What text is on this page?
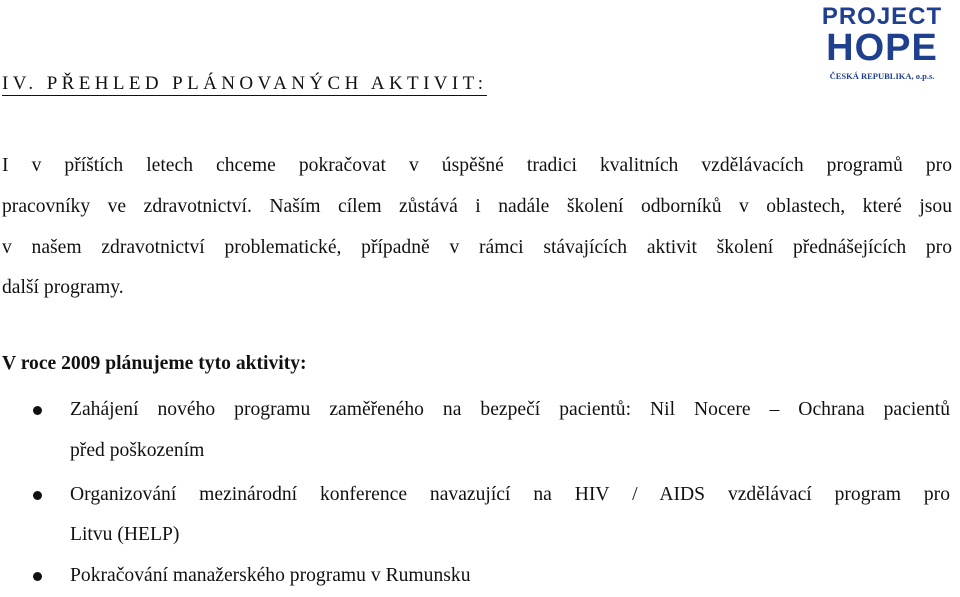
PROJECT
HOPE
ČESKÁ REPUBLIKA, o.p.s.
IV. PŘEHLED PLÁNOVANÝCH AKTIVIT:

I v příštích letech chceme pokračovat v úspěšné tradici kvalitních vzdělávacích programů pro
pracovníky ve zdravotnictví. Naším cílem zůstává i nadále školení odborníků v oblastech, které jsou
v našem zdravotnictví problematické, případně v rámci stávajících aktivit školení přednášejících pro
další programy.

V roce 2009 plánujeme tyto aktivity:
Zahájení nového programu zaměřeného na bezpečí pacientů: Nil Nocere – Ochrana pacientů
před poškozením
Organizování mezinárodní konference navazující na HIV / AIDS vzdělávací program pro
Litvu (HELP)
Pokračování manažerského programu v Rumunsku
